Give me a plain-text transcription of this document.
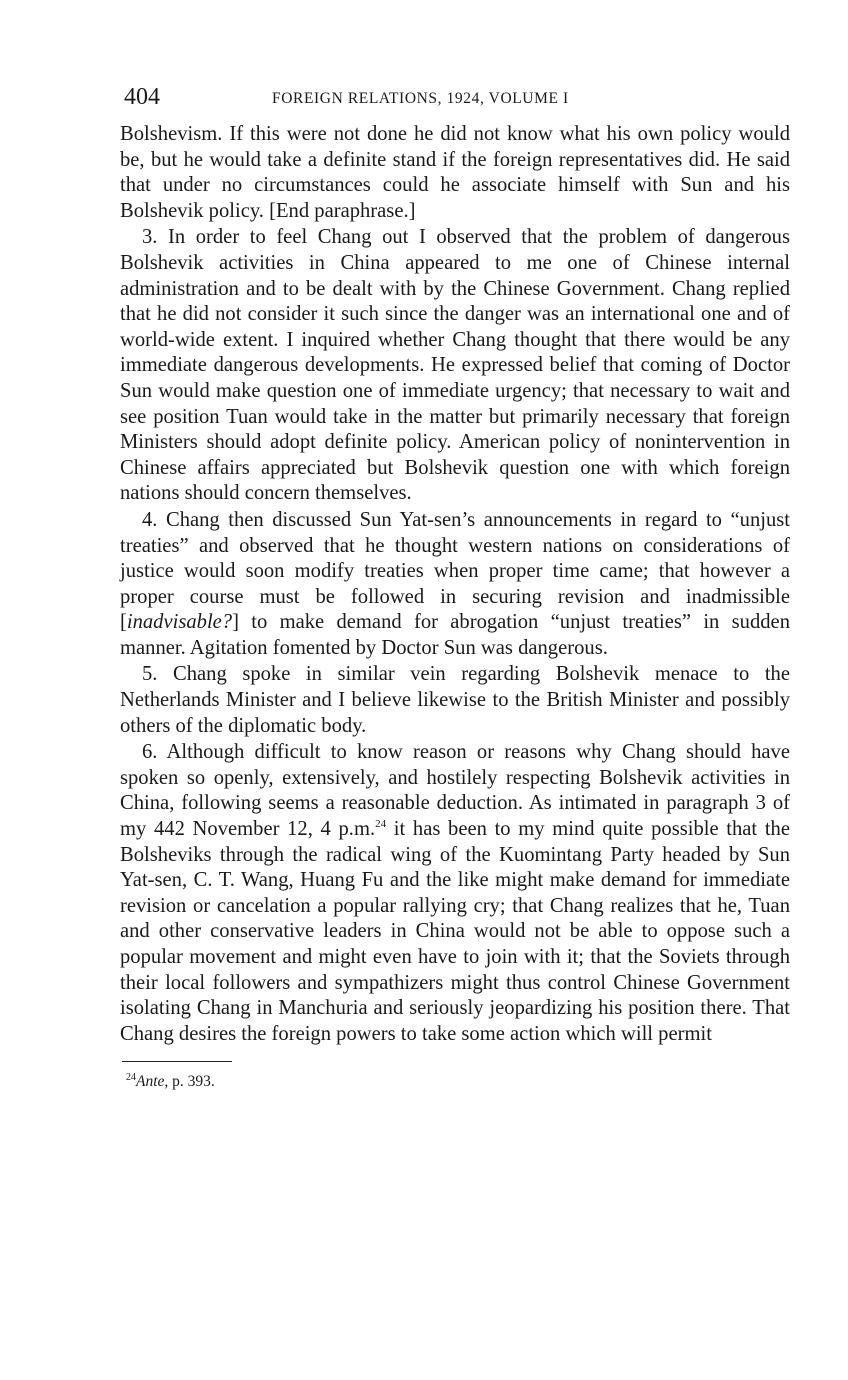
404	FOREIGN RELATIONS, 1924, VOLUME I

Bolshevism. If this were not done he did not know what his own policy would be, but he would take a definite stand if the foreign representatives did. He said that under no circumstances could he associate himself with Sun and his Bolshevik policy. [End paraphrase.]

3. In order to feel Chang out I observed that the problem of dangerous Bolshevik activities in China appeared to me one of Chinese internal administration and to be dealt with by the Chinese Government. Chang replied that he did not consider it such since the danger was an international one and of world-wide extent. I inquired whether Chang thought that there would be any immediate dangerous developments. He expressed belief that coming of Doctor Sun would make question one of immediate urgency; that necessary to wait and see position Tuan would take in the matter but primarily necessary that foreign Ministers should adopt definite policy. American policy of nonintervention in Chinese affairs appreciated but Bolshevik question one with which foreign nations should concern themselves.

4. Chang then discussed Sun Yat-sen’s announcements in regard to “unjust treaties” and observed that he thought western nations on considerations of justice would soon modify treaties when proper time came; that however a proper course must be followed in securing revision and inadmissible [inadvisable?] to make demand for abrogation “unjust treaties” in sudden manner. Agitation fomented by Doctor Sun was dangerous.

5. Chang spoke in similar vein regarding Bolshevik menace to the Netherlands Minister and I believe likewise to the British Minister and possibly others of the diplomatic body.

6. Although difficult to know reason or reasons why Chang should have spoken so openly, extensively, and hostilely respecting Bolshevik activities in China, following seems a reasonable deduction. As intimated in paragraph 3 of my 442 November 12, 4 p.m.$^{24}$ it has been to my mind quite possible that the Bolsheviks through the radical wing of the Kuomintang Party headed by Sun Yat-sen, C. T. Wang, Huang Fu and the like might make demand for immediate revision or cancelation a popular rallying cry; that Chang realizes that he, Tuan and other conservative leaders in China would not be able to oppose such a popular movement and might even have to join with it; that the Soviets through their local followers and sympathizers might thus control Chinese Government isolating Chang in Manchuria and seriously jeopardizing his position there. That Chang desires the foreign powers to take some action which will permit

$^{24}$Ante, p. 393.
